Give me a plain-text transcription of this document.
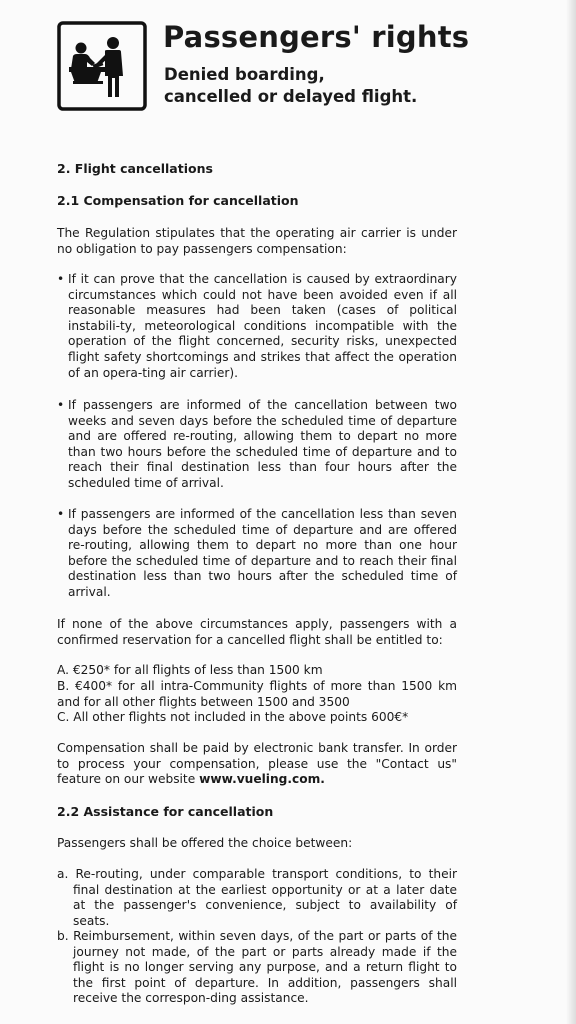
Passengers' rights
Denied boarding,
cancelled or delayed flight.
2. Flight cancellations
2.1 Compensation for cancellation

The Regulation stipulates that the operating air carrier is under no obligation to pay passengers compensation:

• If it can prove that the cancellation is caused by extraordinary circumstances which could not have been avoided even if all reasonable measures had been taken (cases of political instabili-ty, meteorological conditions incompatible with the operation of the flight concerned, security risks, unexpected flight safety shortcomings and strikes that affect the operation of an opera-ting air carrier).

• If passengers are informed of the cancellation between two weeks and seven days before the scheduled time of departure and are offered re-routing, allowing them to depart no more than two hours before the scheduled time of departure and to reach their final destination less than four hours after the scheduled time of arrival.

• If passengers are informed of the cancellation less than seven days before the scheduled time of departure and are offered re-routing, allowing them to depart no more than one hour before the scheduled time of departure and to reach their final destination less than two hours after the scheduled time of arrival.

If none of the above circumstances apply, passengers with a confirmed reservation for a cancelled flight shall be entitled to:

A. €250* for all flights of less than 1500 km

B. €400* for all intra-Community flights of more than 1500 km and for all other flights between 1500 and 3500

C. All other flights not included in the above points 600€*

Compensation shall be paid by electronic bank transfer. In order to process your compensation, please use the "Contact us" feature on our website www.vueling.com.

2.2 Assistance for cancellation

Passengers shall be offered the choice between:

a. Re-routing, under comparable transport conditions, to their final destination at the earliest opportunity or at a later date at the passenger's convenience, subject to availability of seats.

b. Reimbursement, within seven days, of the part or parts of the journey not made, of the part or parts already made if the flight is no longer serving any purpose, and a return flight to the first point of departure. In addition, passengers shall receive the correspon-ding assistance.
